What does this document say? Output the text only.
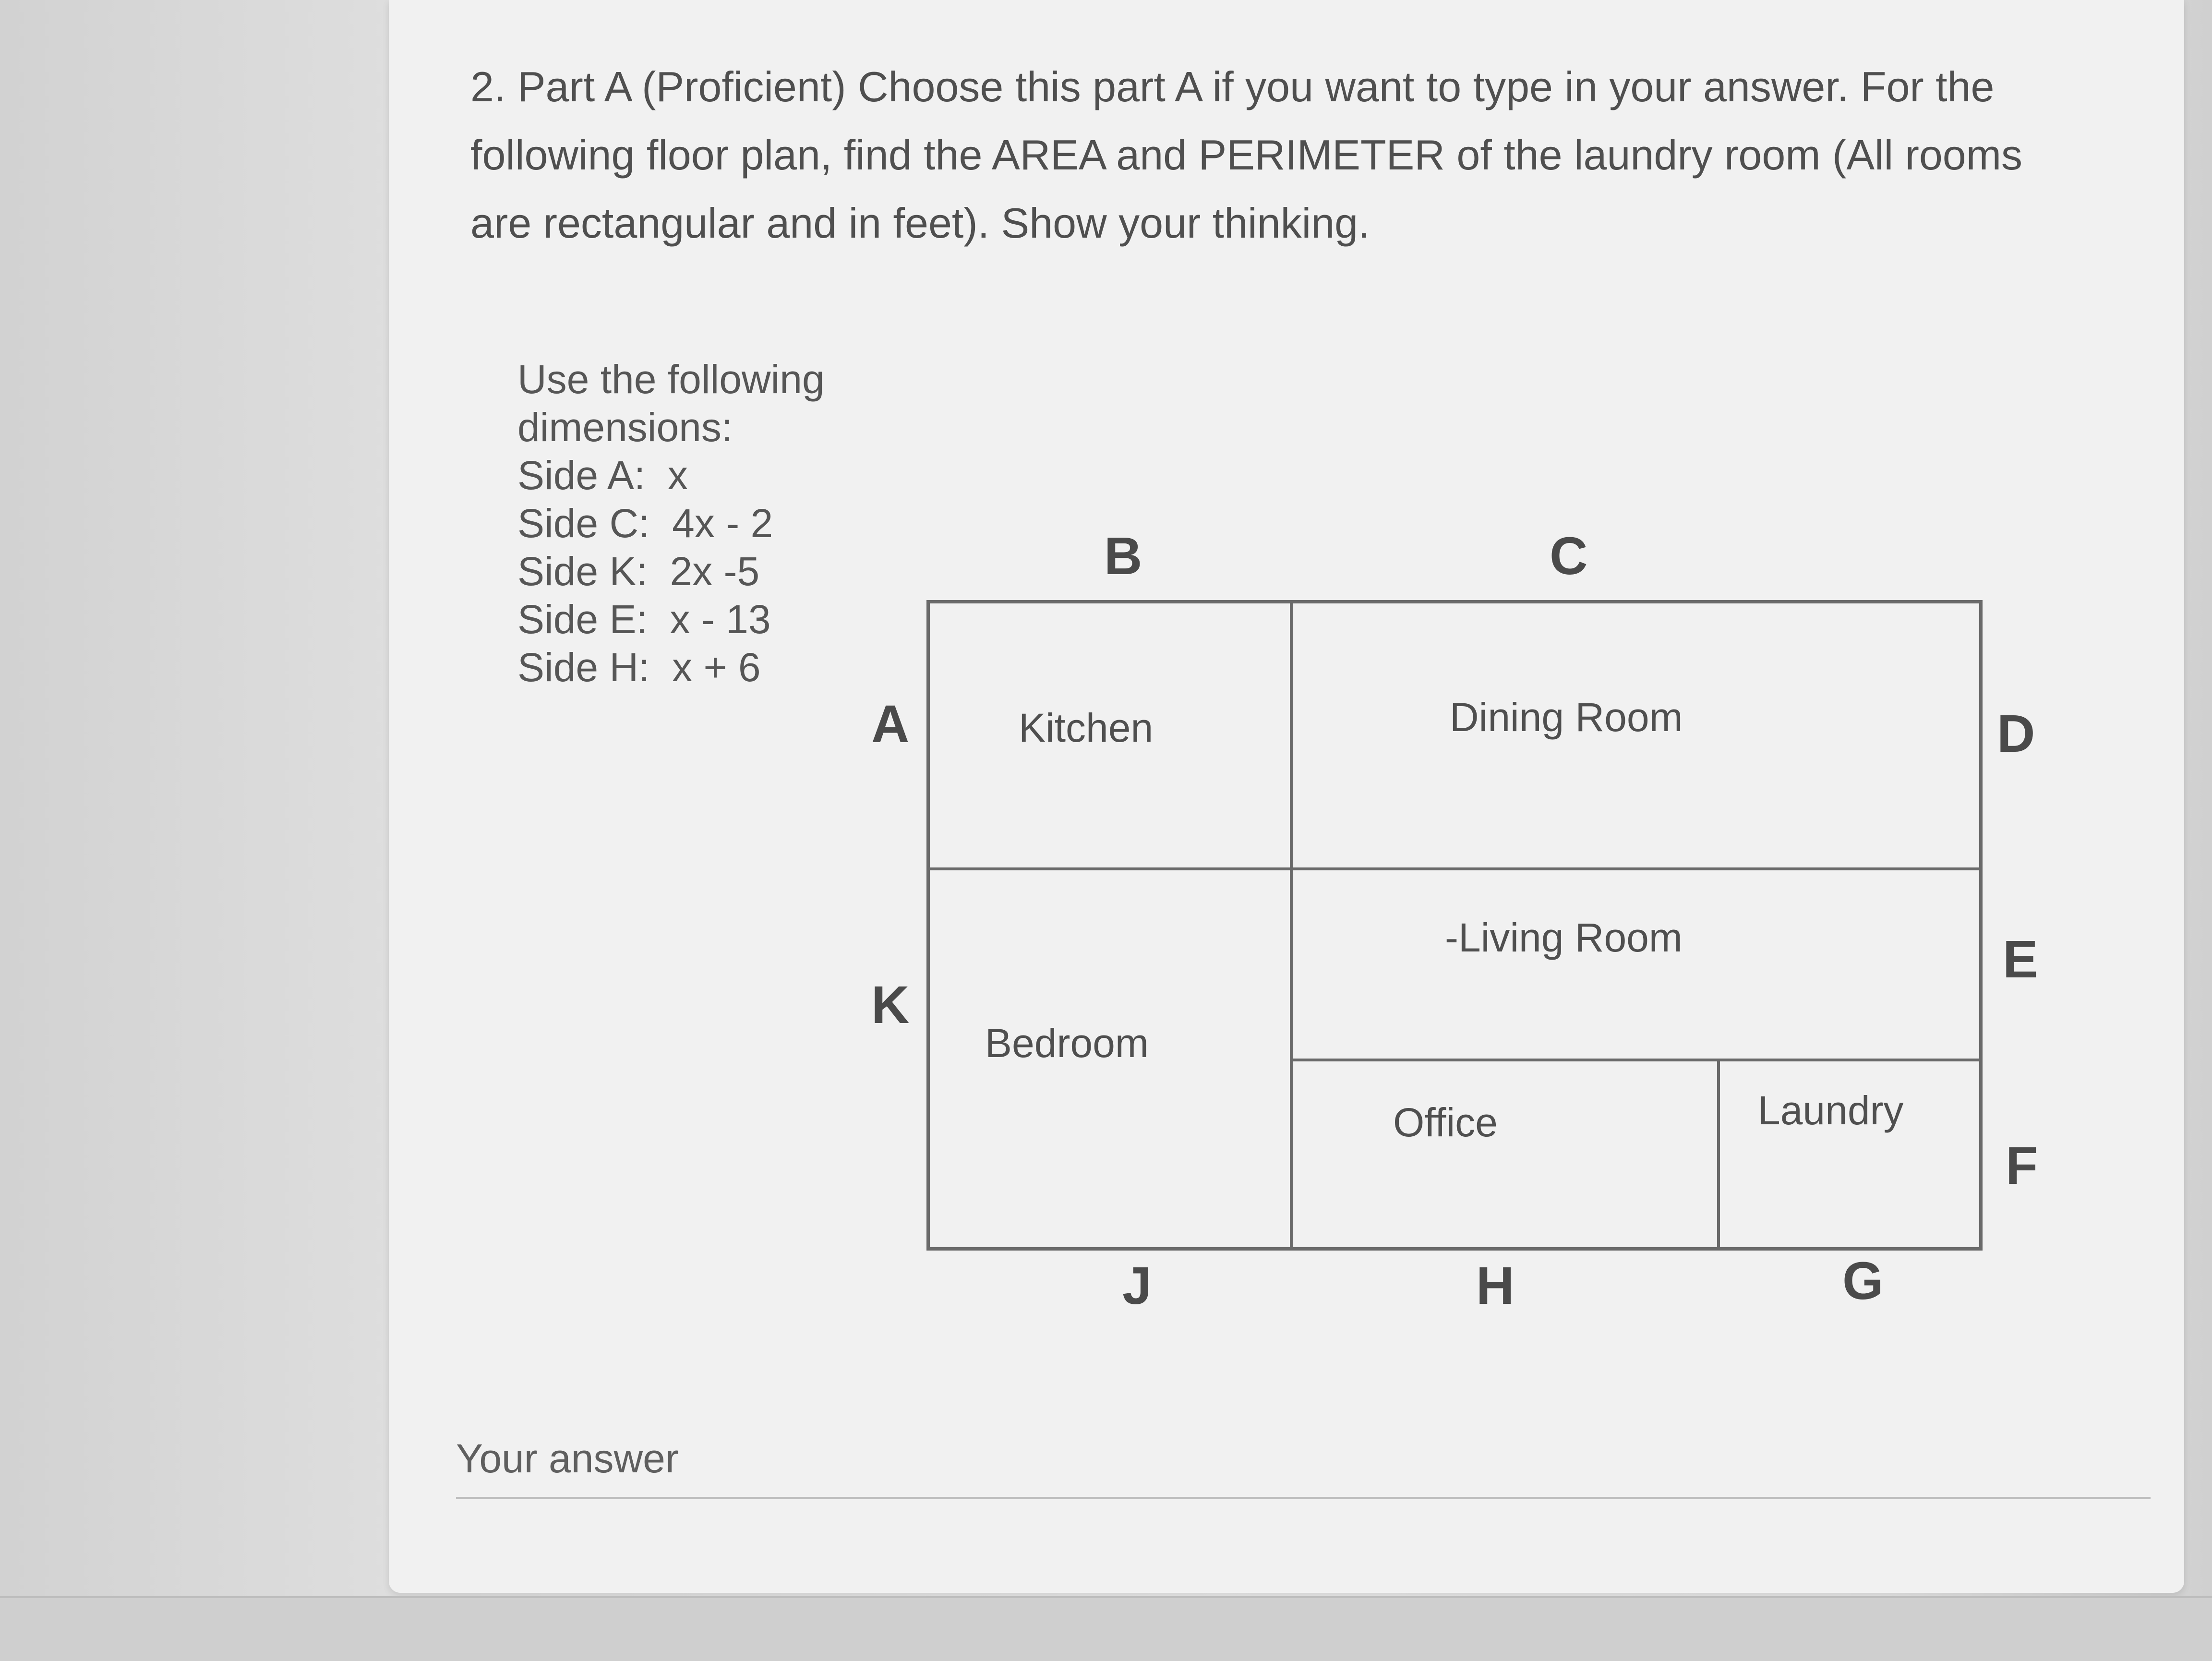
2. Part A (Proficient) Choose this part A if you want to type in your answer. For the following floor plan, find the AREA and PERIMETER of the laundry room (All rooms are rectangular and in feet). Show your thinking.

Use the following
dimensions:
Side A:  x
Side C:  4x - 2
Side K:  2x -5
Side E:  x - 13
Side H:  x + 6
Kitchen	Dining Room
-Living Room
Bedroom
Office	Laundry
B	C
A	D
K
E
F
J	H	G
Your answer
